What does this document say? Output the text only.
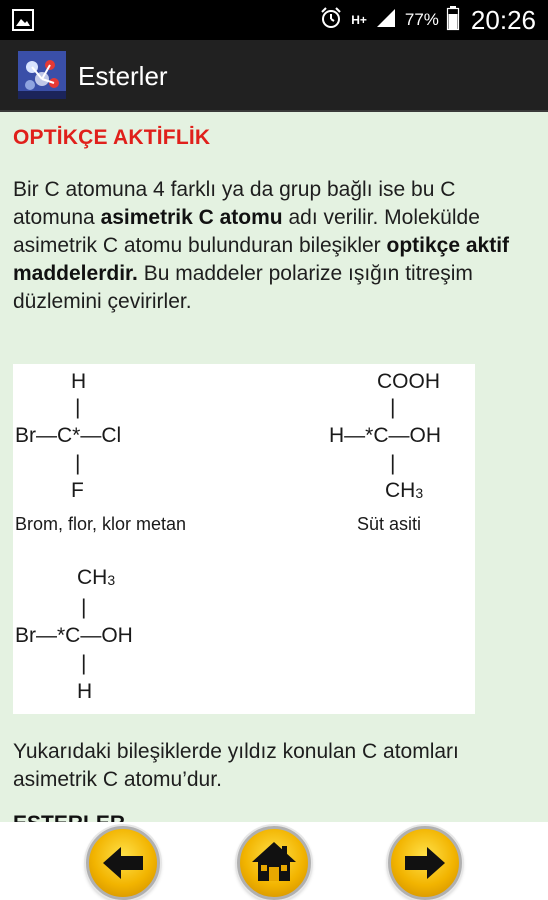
H+ 77% 20:26
Esterler
OPTİKÇE AKTİFLİK

Bir C atomuna 4 farklı ya da grup bağlı ise bu C atomuna asimetrik C atomu adı verilir. Molekülde asimetrik C atomu bulunduran bileşikler optikçe aktif maddelerdir. Bu maddeler polarize ışığın titreşim düzlemini çevirirler.

H
|
Br—C*—Cl
|
F
Brom, flor, klor metan
COOH
|
H—*C—OH
|
CH 3
Süt asiti
CH 3
|
Br—*C—OH
|
H

Yukarıdaki bileşiklerde yıldız konulan C atomları asimetrik C atomu’dur.
